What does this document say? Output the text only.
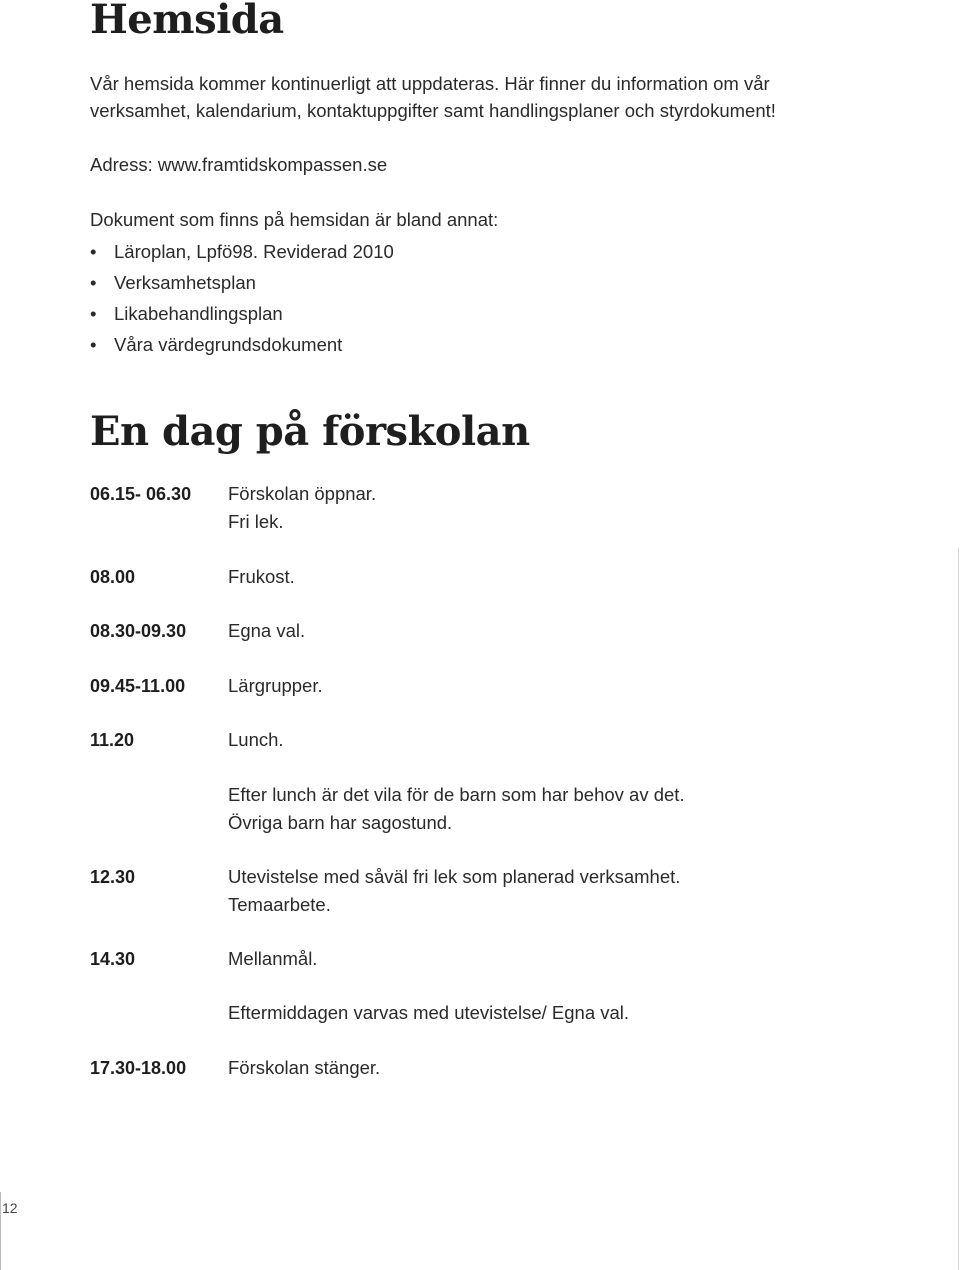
Hemsida
Vår hemsida kommer kontinuerligt att uppdateras. Här finner du information om vår
verksamhet, kalendarium, kontaktuppgifter samt handlingsplaner och styrdokument!
Adress: www.framtidskompassen.se
Dokument som finns på hemsidan är bland annat:
• Läroplan, Lpfö98. Reviderad 2010
• Verksamhetsplan
• Likabehandlingsplan
• Våra värdegrundsdokument
En dag på förskolan
06.15- 06.30	Förskolan öppnar.
Fri lek.
08.00	Frukost.
08.30-09.30	Egna val.
09.45-11.00	Lärgrupper.
11.20	Lunch.
Efter lunch är det vila för de barn som har behov av det.
Övriga barn har sagostund.
12.30	Utevistelse med såväl fri lek som planerad verksamhet.
Temaarbete.
14.30	Mellanmål.
Eftermiddagen varvas med utevistelse/ Egna val.
17.30-18.00	Förskolan stänger.
12
